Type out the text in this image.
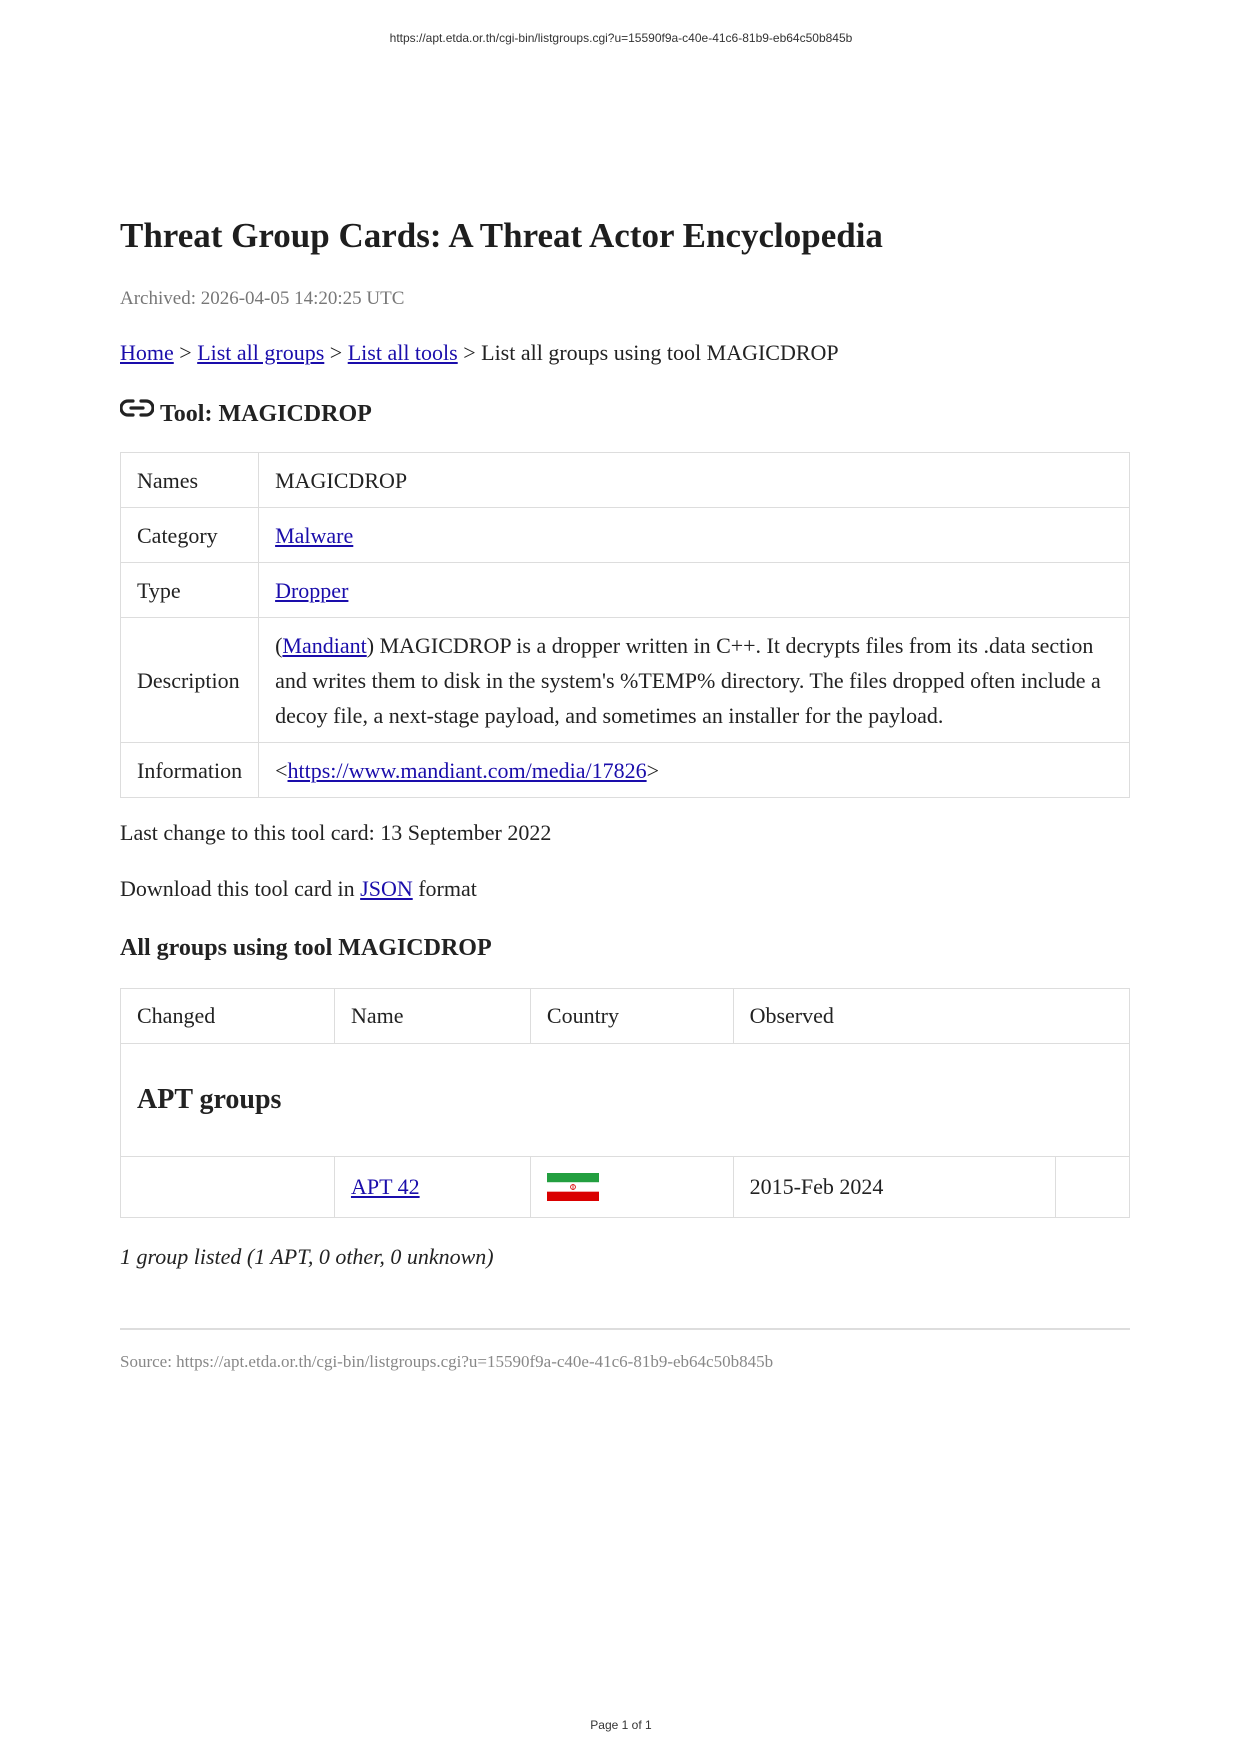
https://apt.etda.or.th/cgi-bin/listgroups.cgi?u=15590f9a-c40e-41c6-81b9-eb64c50b845b
Threat Group Cards: A Threat Actor Encyclopedia
Archived: 2026-04-05 14:20:25 UTC
Home > List all groups > List all tools > List all groups using tool MAGICDROP
Tool: MAGICDROP
Names	MAGICDROP
Category	Malware
Type	Dropper
Description	(Mandiant) MAGICDROP is a dropper written in C++. It decrypts files from its .data section and writes them to disk in the system's %TEMP% directory. The files dropped often include a decoy file, a next-stage payload, and sometimes an installer for the payload.
Information	<https://www.mandiant.com/media/17826>
Last change to this tool card: 13 September 2022
Download this tool card in JSON format
All groups using tool MAGICDROP
Changed	Name	Country	Observed	
APT groups				
	APT 42		2015-Feb 2024	
1 group listed (1 APT, 0 other, 0 unknown)
Source: https://apt.etda.or.th/cgi-bin/listgroups.cgi?u=15590f9a-c40e-41c6-81b9-eb64c50b845b
Page 1 of 1
